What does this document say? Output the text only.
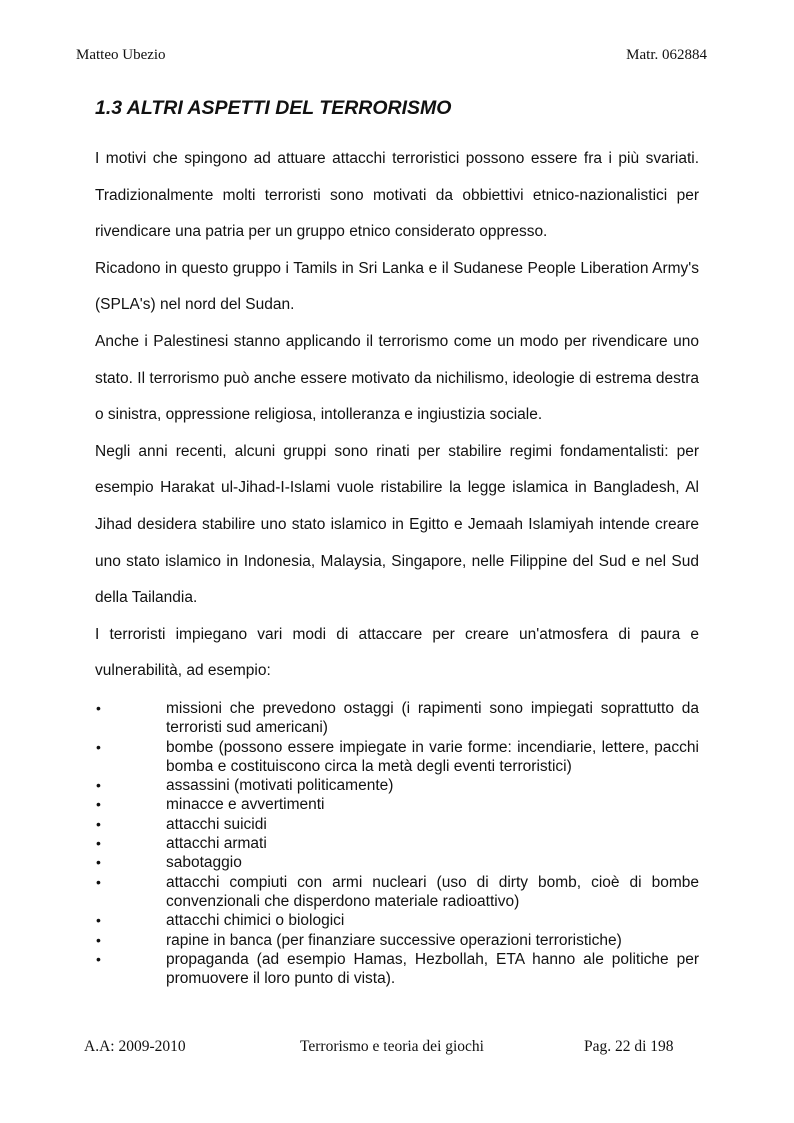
Matteo Ubezio	Matr. 062884
1.3 ALTRI ASPETTI DEL TERRORISMO

I motivi che spingono ad attuare attacchi terroristici possono essere fra i più svariati. Tradizionalmente molti terroristi sono motivati da obbiettivi etnico-nazionalistici per rivendicare una patria per un gruppo etnico considerato oppresso.

Ricadono in questo gruppo i Tamils in Sri Lanka e il Sudanese People Liberation Army's (SPLA's) nel nord del Sudan.

Anche i Palestinesi stanno applicando il terrorismo come un modo per rivendicare uno stato. Il terrorismo può anche essere motivato da nichilismo, ideologie di estrema destra o sinistra, oppressione religiosa, intolleranza e ingiustizia sociale.

Negli anni recenti, alcuni gruppi sono rinati per stabilire regimi fondamentalisti: per esempio Harakat ul-Jihad-I-Islami vuole ristabilire la legge islamica in Bangladesh, Al Jihad desidera stabilire uno stato islamico in Egitto e Jemaah Islamiyah intende creare uno stato islamico in Indonesia, Malaysia, Singapore, nelle Filippine del Sud e nel Sud della Tailandia.

I terroristi impiegano vari modi di attaccare per creare un'atmosfera di paura e vulnerabilità, ad esempio:

•	missioni che prevedono ostaggi (i rapimenti sono impiegati soprattutto da terroristi sud americani)
•	bombe (possono essere impiegate in varie forme: incendiarie, lettere, pacchi bomba e costituiscono circa la metà degli eventi terroristici)
•	assassini (motivati politicamente)
•	minacce e avvertimenti
•	attacchi suicidi
•	attacchi armati
•	sabotaggio
•	attacchi compiuti con armi nucleari (uso di dirty bomb, cioè di bombe convenzionali che disperdono materiale radioattivo)
•	attacchi chimici o biologici
•	rapine in banca (per finanziare successive operazioni terroristiche)
•	propaganda (ad esempio Hamas, Hezbollah, ETA hanno ale politiche per promuovere il loro punto di vista).
A.A: 2009-2010	Terrorismo e teoria dei giochi	Pag. 22 di 198
